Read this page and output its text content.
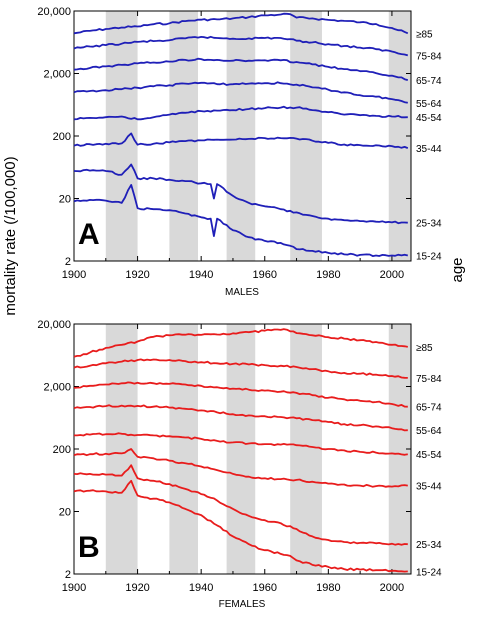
mortality rate (/100,000)	age
1900	1920	1940	1960	1980	2000
2
20
200
2,000
20,000
≥85
75-84
65-74
55-64
45-54
35-44
25-34
15-24
A
MALES
1900	1920	1940	1960	1980	2000
2
20
200
2,000
20,000
≥85
75-84
65-74
55-64
45-54
35-44
25-34
15-24
B
FEMALES
